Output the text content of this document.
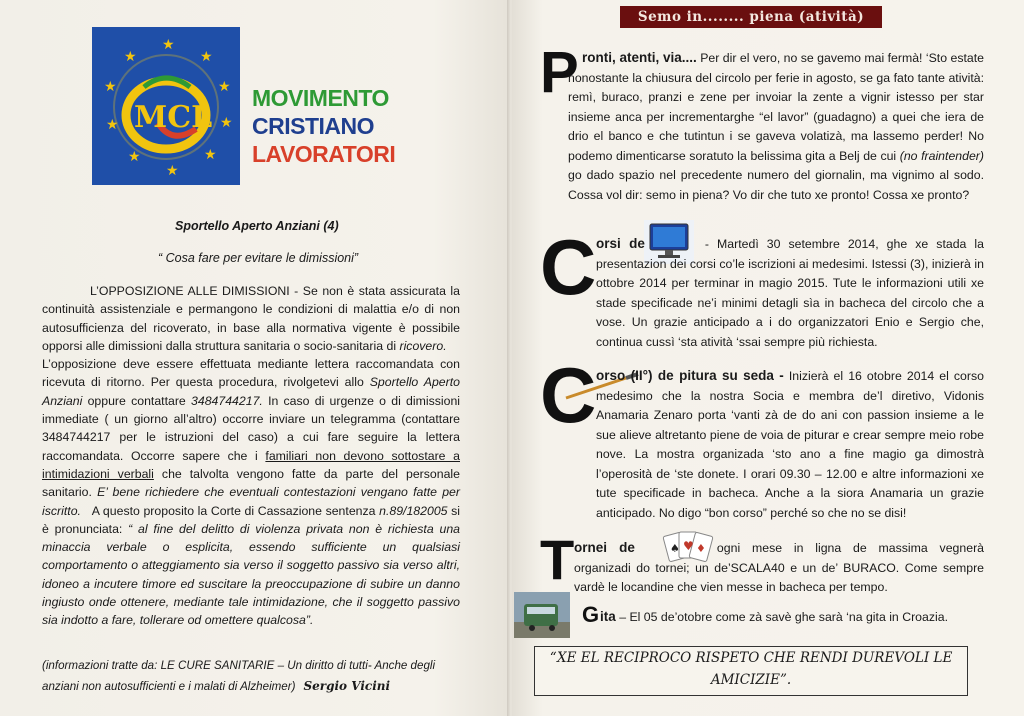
★
★
★
★
★
★
★
★
★
★
MCL
MOVIMENTO
CRISTIANO
LAVORATORI
Sportello Aperto Anziani (4)
“ Cosa fare per evitare le dimissioni”

L’OPPOSIZIONE ALLE DIMISSIONI - Se non è stata assicurata la continuità assistenziale e permangono le condizioni di malattia e/o di non autosufficienza del ricoverato, in base alla normativa vigente è possibile opporsi alle dimissioni dalla struttura sanitaria o socio-sanitaria di ricovero.

L’opposizione deve essere effettuata mediante lettera raccomandata con ricevuta di ritorno. Per questa procedura, rivolgetevi allo Sportello Aperto Anziani oppure contattare 3484744217. In caso di urgenze o di dimissioni immediate ( un giorno all’altro) occorre inviare un telegramma (contattare 3484744217 per le istruzioni del caso) a cui fare seguire la lettera raccomandata. Occorre sapere che i familiari non devono sottostare a intimidazioni verbali che talvolta vengono fatte da parte del personale sanitario. E’ bene richiedere che eventuali contestazioni vengano fatte per iscritto. A questo proposito la Corte di Cassazione sentenza n.89/182005 si è pronunciata: “ al fine del delitto di violenza privata non è richiesta una minaccia verbale o esplicita, essendo sufficiente un qualsiasi comportamento o atteggiamento sia verso il soggetto passivo sia verso altri, idoneo a incutere timore ed suscitare la preoccupazione di subire un danno ingiusto onde ottenere, mediante tale intimidazione, che il soggetto passivo sia indotto a fare, tollerare od omettere qualcosa”.

(informazioni tratte da: LE CURE SANITARIE – Un diritto di tutti- Anche degli anziani non autosufficienti e i malati di Alzheimer) Sergio Vicini
Semo in........ piena (atività)
P ronti, atenti, via.... Per dir el vero, no se gavemo mai fermà! ‘Sto estate nonostante la chiusura del circolo per ferie in agosto, se ga fato tante atività: remì, buraco, pranzi e zene per invoiar la zente a vignir istesso per star insieme anca per incrementarghe “el lavor” (guadagno) a quei che iera de drio el banco e che tutintun i se gaveva volatizà, ma lassemo perder! No podemo dimenticarse soratuto la belissima gita a Belj de cui (no fraintender) go dado spazio nel precedente numero del giornalin, ma vignimo al sodo. Cossa vol dir: semo in piena? Vo dir che tuto xe pronto! Cossa xe pronto?

C orsi de	- Martedì 30 setembre 2014, ghe xe stada la presentazion dei corsi co’le iscrizioni ai medesimi. Istessi (3), inizierà in ottobre 2014 per terminar in magio 2015. Tute le informazioni utili xe stade specificade ne’i minimi detagli sìa in bacheca del circolo che a vose. Un grazie anticipado a i do organizzatori Enio e Sergio che, continua cussì ‘sta atività ‘ssai sempre più richiesta.

C orso (II°) de pitura su seda - Inizierà el 16 otobre 2014 el corso medesimo che la nostra Socia e membra de’l diretivo, Vidonis Anamaria Zenaro porta ‘vanti zà de do ani con passion insieme a le sue alieve altretanto piene de voia de piturar e crear sempre meio robe nove. La mostra organizada ‘sto ano a fine magio ga dimostrà l’operosità de ‘ste donete. I orari 09.30 – 12.00 e altre informazioni xe tute specificade in bacheca. Anche a la siora Anamaria un grazie anticipado. No digo “bon corso” perché so che no se disi!

T	♥
♠ ♦

ornei de	ogni mese in ligna de massima vegnerà organizadi do tornei; un de’SCALA40 e un de’ BURACO. Come sempre vardè le locandine che vien messe in bacheca per tempo.

G ita – El 05 de’otobre come zà savè ghe sarà ‘na gita in Croazia.

“XE EL RECIPROCO RISPETO CHE RENDI DUREVOLI LE AMICIZIE”.
